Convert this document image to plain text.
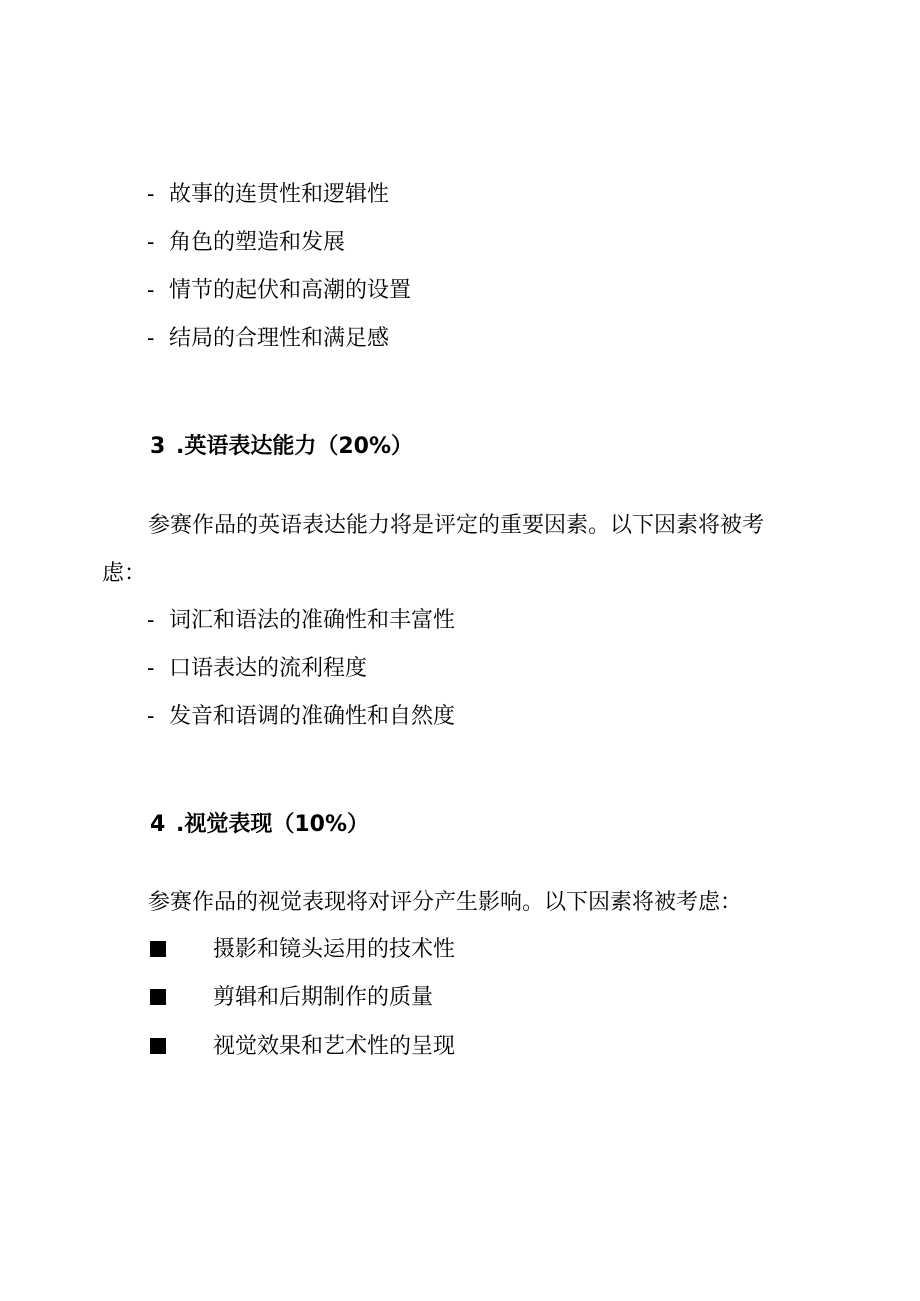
- 故事的连贯性和逻辑性
- 角色的塑造和发展
- 情节的起伏和高潮的设置
- 结局的合理性和满足感
3 .英语表达能力（20%）
参赛作品的英语表达能力将是评定的重要因素。以下因素将被考
虑：
- 词汇和语法的准确性和丰富性
- 口语表达的流利程度
- 发音和语调的准确性和自然度
4 .视觉表现（10%）
参赛作品的视觉表现将对评分产生影响。以下因素将被考虑：
摄影和镜头运用的技术性
剪辑和后期制作的质量
视觉效果和艺术性的呈现
